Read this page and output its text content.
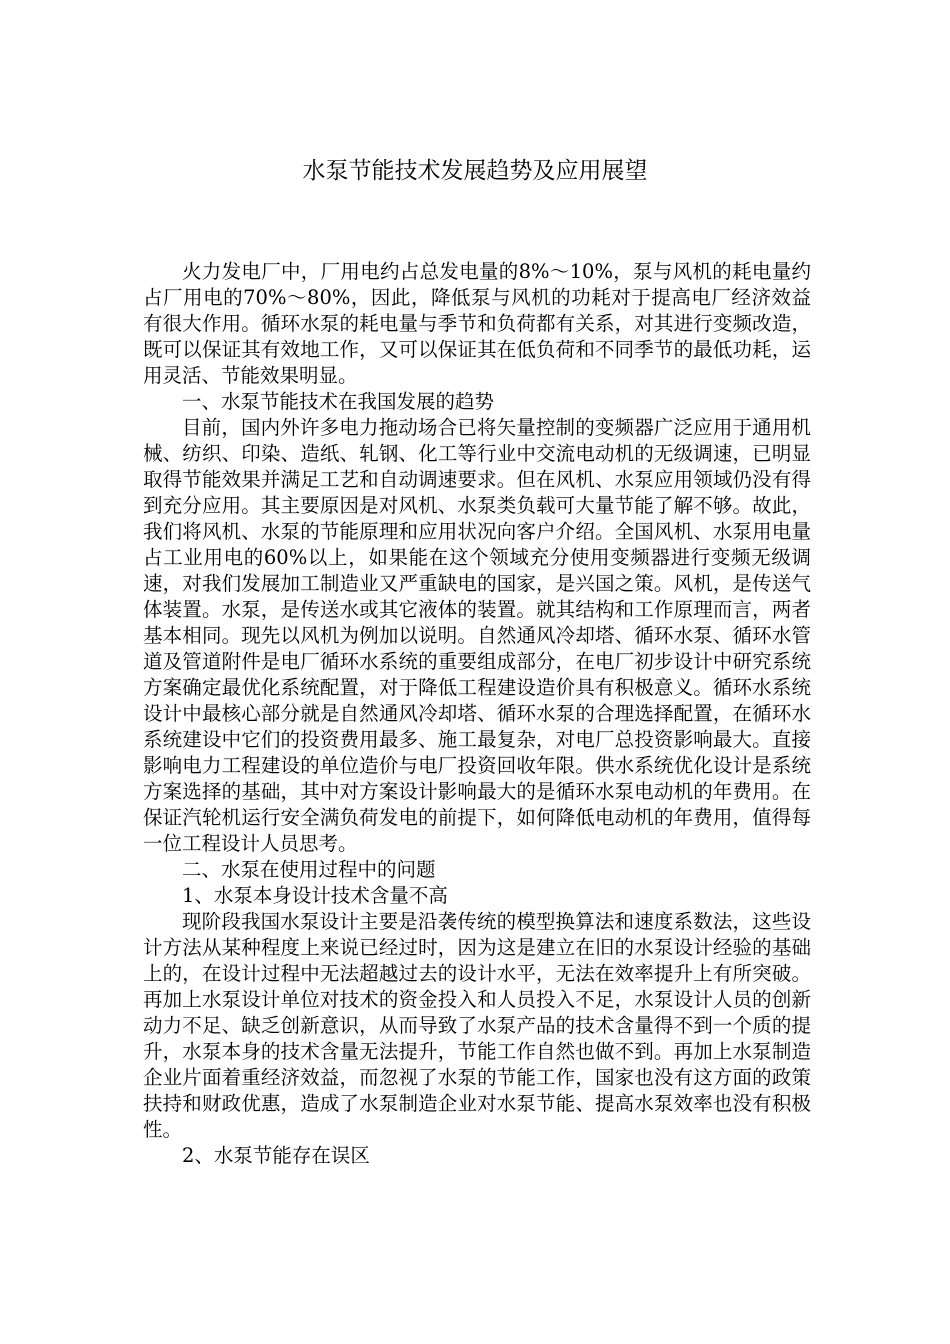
水泵节能技术发展趋势及应用展望

火力发电厂中，厂用电约占总发电量的8%～10%，泵与风机的耗电量约占厂用电的70%～80%，因此，降低泵与风机的功耗对于提高电厂经济效益有很大作用。循环水泵的耗电量与季节和负荷都有关系，对其进行变频改造，既可以保证其有效地工作，又可以保证其在低负荷和不同季节的最低功耗，运用灵活、节能效果明显。

一、水泵节能技术在我国发展的趋势

目前，国内外许多电力拖动场合已将矢量控制的变频器广泛应用于通用机械、纺织、印染、造纸、轧钢、化工等行业中交流电动机的无级调速，已明显取得节能效果并满足工艺和自动调速要求。但在风机、水泵应用领域仍没有得到充分应用。其主要原因是对风机、水泵类负载可大量节能了解不够。故此，我们将风机、水泵的节能原理和应用状况向客户介绍。全国风机、水泵用电量占工业用电的60%以上，如果能在这个领域充分使用变频器进行变频无级调速，对我们发展加工制造业又严重缺电的国家，是兴国之策。风机，是传送气体装置。水泵，是传送水或其它液体的装置。就其结构和工作原理而言，两者基本相同。现先以风机为例加以说明。自然通风冷却塔、循环水泵、循环水管道及管道附件是电厂循环水系统的重要组成部分，在电厂初步设计中研究系统方案确定最优化系统配置，对于降低工程建设造价具有积极意义。循环水系统设计中最核心部分就是自然通风冷却塔、循环水泵的合理选择配置，在循环水系统建设中它们的投资费用最多、施工最复杂，对电厂总投资影响最大。直接影响电力工程建设的单位造价与电厂投资回收年限。供水系统优化设计是系统方案选择的基础，其中对方案设计影响最大的是循环水泵电动机的年费用。在保证汽轮机运行安全满负荷发电的前提下，如何降低电动机的年费用，值得每一位工程设计人员思考。

二、水泵在使用过程中的问题

1、水泵本身设计技术含量不高

现阶段我国水泵设计主要是沿袭传统的模型换算法和速度系数法，这些设计方法从某种程度上来说已经过时，因为这是建立在旧的水泵设计经验的基础上的，在设计过程中无法超越过去的设计水平，无法在效率提升上有所突破。再加上水泵设计单位对技术的资金投入和人员投入不足，水泵设计人员的创新动力不足、缺乏创新意识，从而导致了水泵产品的技术含量得不到一个质的提升，水泵本身的技术含量无法提升，节能工作自然也做不到。再加上水泵制造企业片面着重经济效益，而忽视了水泵的节能工作，国家也没有这方面的政策扶持和财政优惠，造成了水泵制造企业对水泵节能、提高水泵效率也没有积极性。

2、水泵节能存在误区
